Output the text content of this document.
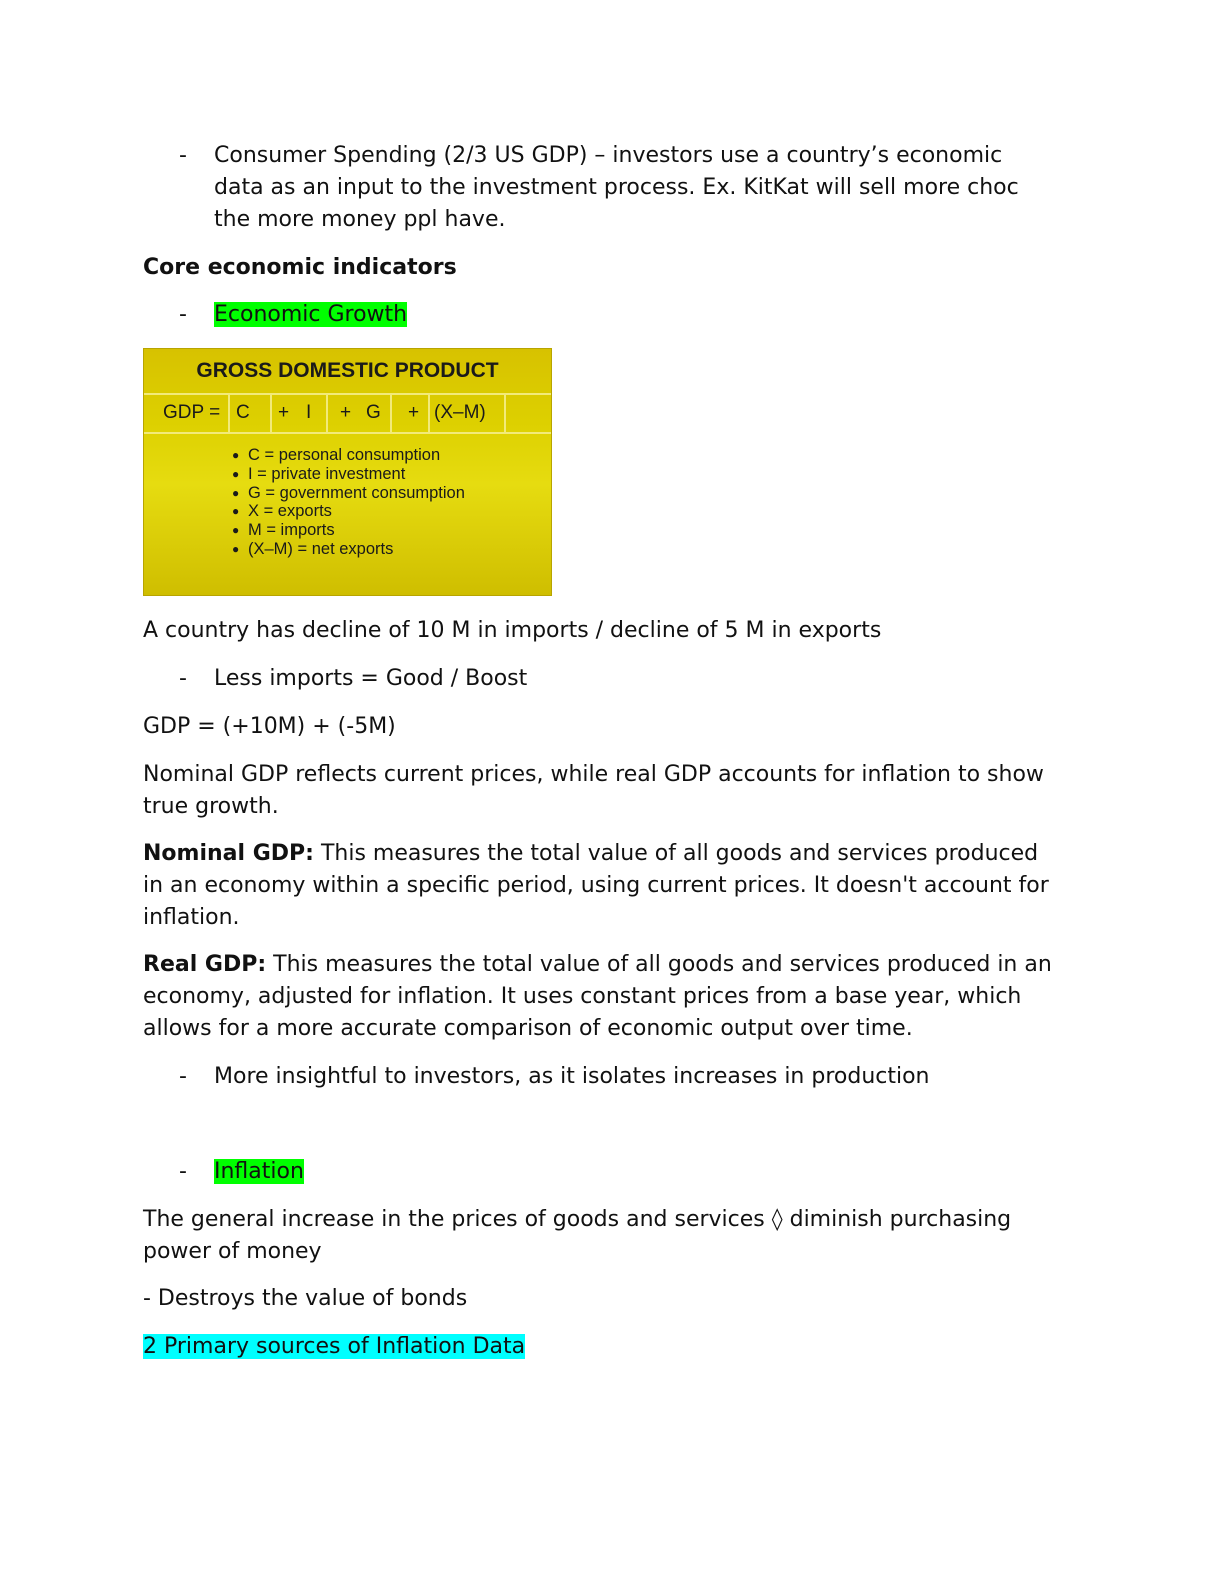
- Consumer Spending (2/3 US GDP) – investors use a country’s economic data as an input to the investment process. Ex. KitKat will sell more choc the more money ppl have.

Core economic indicators

- Economic Growth

GROSS DOMESTIC PRODUCT
GDP = C + I + G + (X–M)
● C = personal consumption
● I = private investment
● G = government consumption
● X = exports
● M = imports
● (X–M) = net exports

A country has decline of 10 M in imports / decline of 5 M in exports

- Less imports = Good / Boost

GDP = (+10M) + (-5M)

Nominal GDP reflects current prices, while real GDP accounts for inflation to show true growth.

Nominal GDP: This measures the total value of all goods and services produced in an economy within a specific period, using current prices. It doesn't account for inflation.

Real GDP: This measures the total value of all goods and services produced in an economy, adjusted for inflation. It uses constant prices from a base year, which allows for a more accurate comparison of economic output over time.

- More insightful to investors, as it isolates increases in production

- Inflation

The general increase in the prices of goods and services ◊ diminish purchasing power of money

- Destroys the value of bonds

2 Primary sources of Inflation Data
